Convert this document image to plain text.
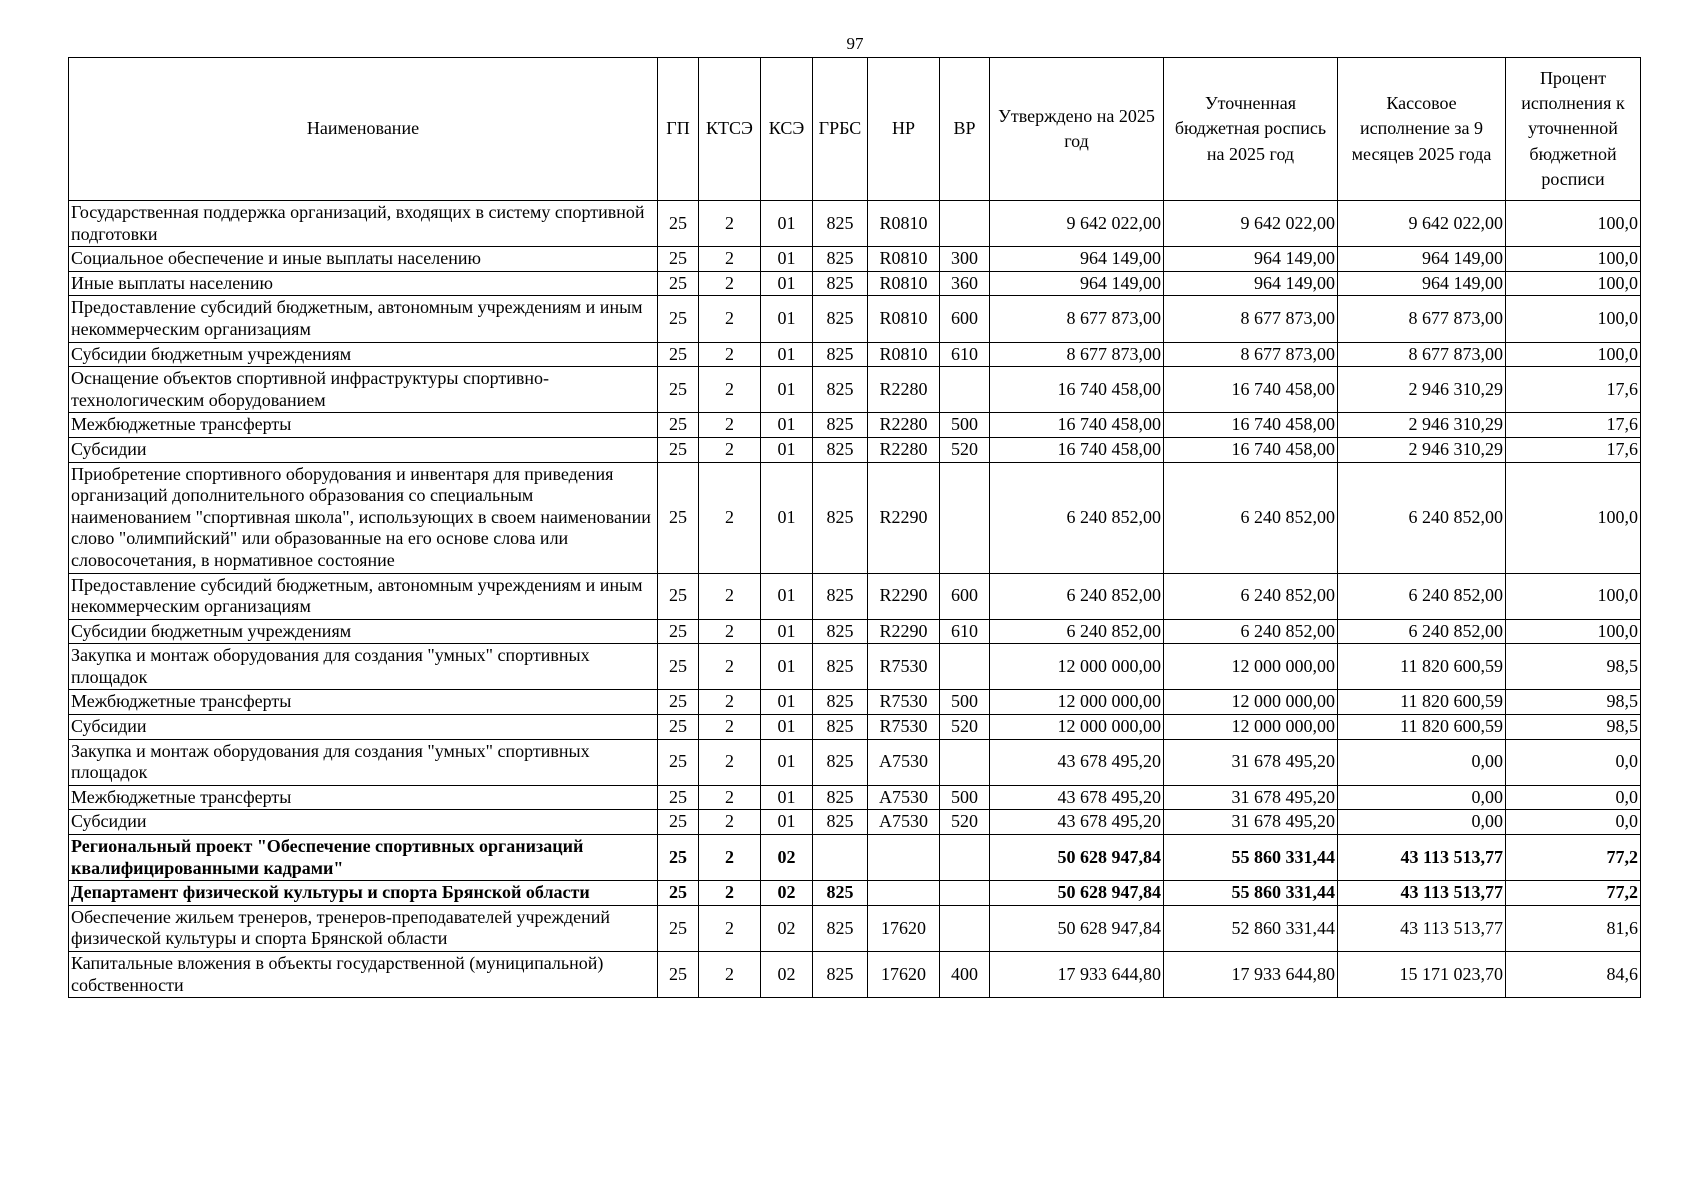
97
Наименование	ГП	КТСЭ	КСЭ	ГРБС	НР	ВР	Утверждено на 2025 год	Уточненная бюджетная роспись на 2025 год	Кассовое исполнение за 9 месяцев 2025 года	Процент исполнения к уточненной бюджетной росписи
Государственная поддержка организаций, входящих в систему спортивной подготовки	25	2	01	825	R0810		9 642 022,00	9 642 022,00	9 642 022,00	100,0
Социальное обеспечение и иные выплаты населению	25	2	01	825	R0810	300	964 149,00	964 149,00	964 149,00	100,0
Иные выплаты населению	25	2	01	825	R0810	360	964 149,00	964 149,00	964 149,00	100,0
Предоставление субсидий бюджетным, автономным учреждениям и иным некоммерческим организациям	25	2	01	825	R0810	600	8 677 873,00	8 677 873,00	8 677 873,00	100,0
Субсидии бюджетным учреждениям	25	2	01	825	R0810	610	8 677 873,00	8 677 873,00	8 677 873,00	100,0
Оснащение объектов спортивной инфраструктуры спортивно-технологическим оборудованием	25	2	01	825	R2280		16 740 458,00	16 740 458,00	2 946 310,29	17,6
Межбюджетные трансферты	25	2	01	825	R2280	500	16 740 458,00	16 740 458,00	2 946 310,29	17,6
Субсидии	25	2	01	825	R2280	520	16 740 458,00	16 740 458,00	2 946 310,29	17,6
Приобретение спортивного оборудования и инвентаря для приведения организаций дополнительного образования со специальным наименованием "спортивная школа", использующих в своем наименовании слово "олимпийский" или образованные на его основе слова или словосочетания, в нормативное состояние	25	2	01	825	R2290		6 240 852,00	6 240 852,00	6 240 852,00	100,0
Предоставление субсидий бюджетным, автономным учреждениям и иным некоммерческим организациям	25	2	01	825	R2290	600	6 240 852,00	6 240 852,00	6 240 852,00	100,0
Субсидии бюджетным учреждениям	25	2	01	825	R2290	610	6 240 852,00	6 240 852,00	6 240 852,00	100,0
Закупка и монтаж оборудования для создания "умных" спортивных площадок	25	2	01	825	R7530		12 000 000,00	12 000 000,00	11 820 600,59	98,5
Межбюджетные трансферты	25	2	01	825	R7530	500	12 000 000,00	12 000 000,00	11 820 600,59	98,5
Субсидии	25	2	01	825	R7530	520	12 000 000,00	12 000 000,00	11 820 600,59	98,5
Закупка и монтаж оборудования для создания "умных" спортивных площадок	25	2	01	825	A7530		43 678 495,20	31 678 495,20	0,00	0,0
Межбюджетные трансферты	25	2	01	825	A7530	500	43 678 495,20	31 678 495,20	0,00	0,0
Субсидии	25	2	01	825	A7530	520	43 678 495,20	31 678 495,20	0,00	0,0
Региональный проект "Обеспечение спортивных организаций квалифицированными кадрами"	25	2	02				50 628 947,84	55 860 331,44	43 113 513,77	77,2
Департамент физической культуры и спорта Брянской области	25	2	02	825			50 628 947,84	55 860 331,44	43 113 513,77	77,2
Обеспечение жильем тренеров, тренеров-преподавателей учреждений физической культуры и спорта Брянской области	25	2	02	825	17620		50 628 947,84	52 860 331,44	43 113 513,77	81,6
Капитальные вложения в объекты государственной (муниципальной) собственности	25	2	02	825	17620	400	17 933 644,80	17 933 644,80	15 171 023,70	84,6
